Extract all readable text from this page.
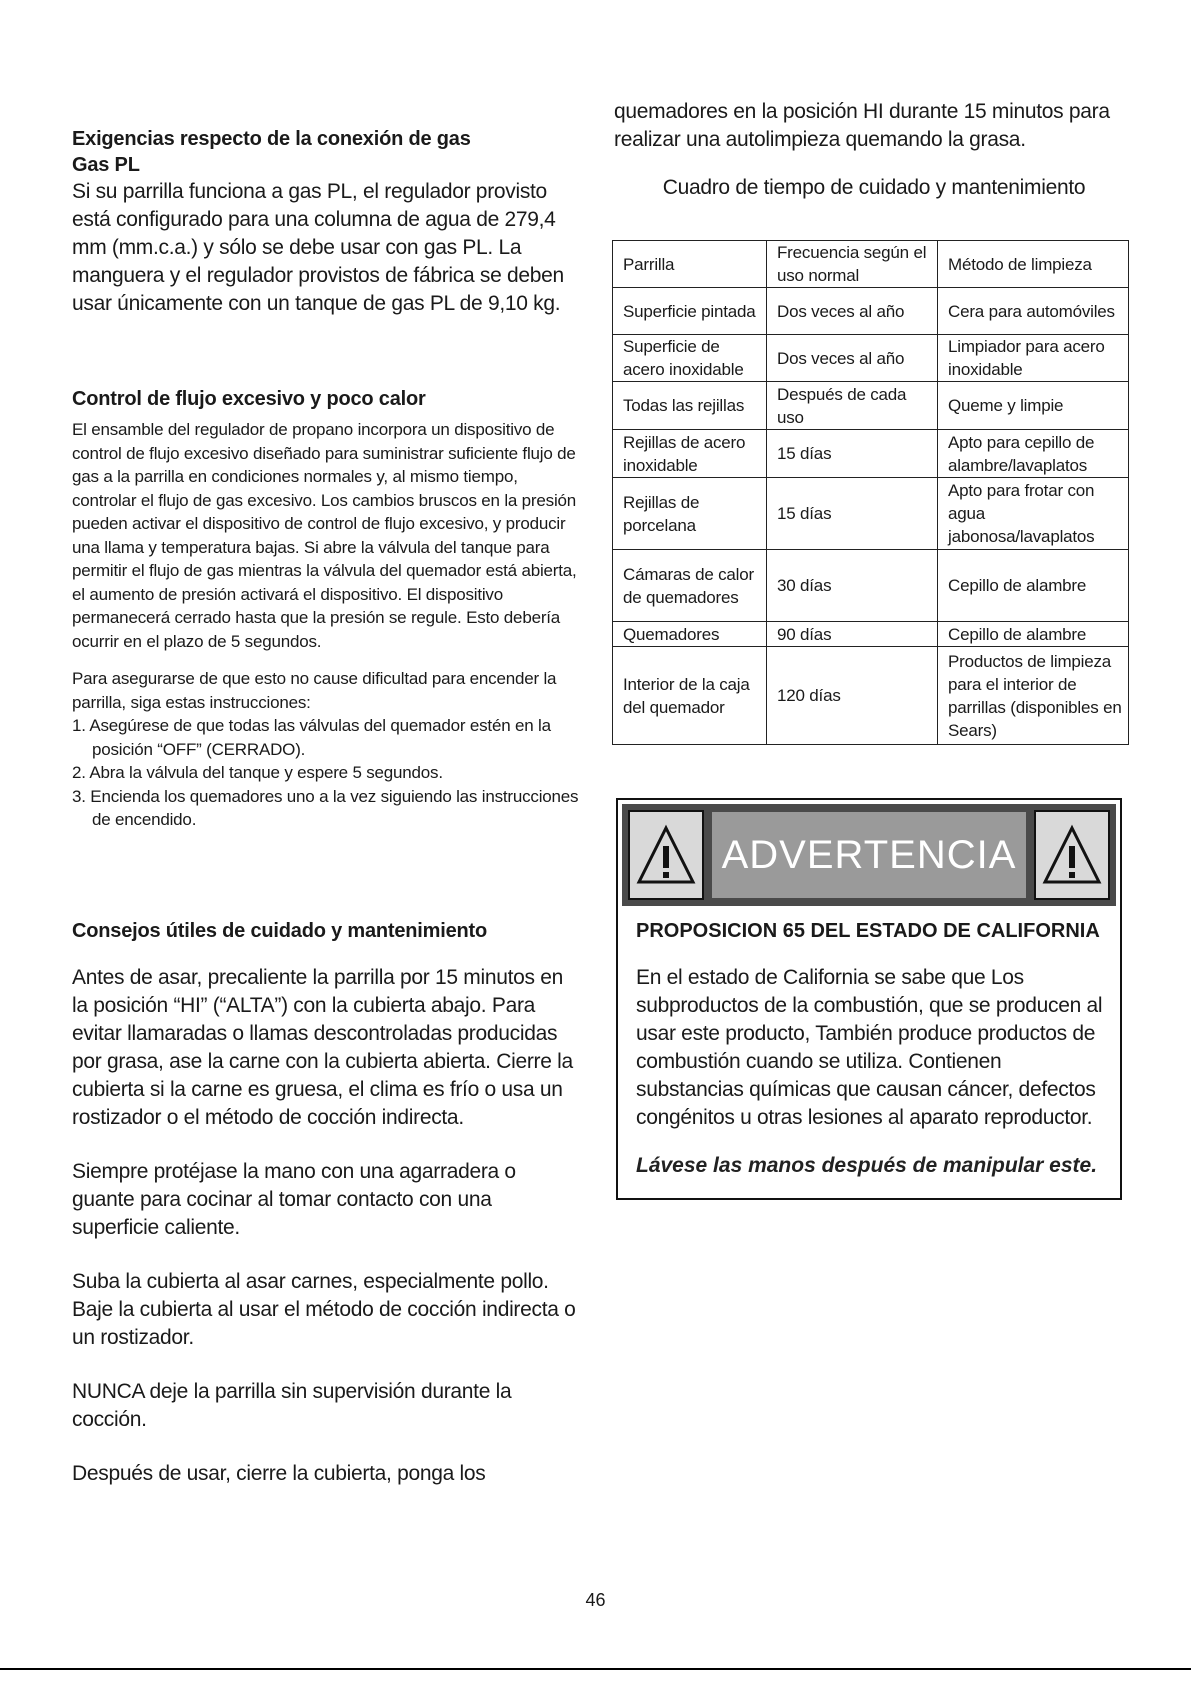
Exigencias respecto de la conexión de gas

Gas PL

Si su parrilla funciona a gas PL, el regulador provisto está configurado para una columna de agua de 279,4 mm (mm.c.a.) y sólo se debe usar con gas PL. La manguera y el regulador provistos de fábrica se deben usar únicamente con un tanque de gas PL de 9,10 kg.

Control de flujo excesivo y poco calor

El ensamble del regulador de propano incorpora un dispositivo de control de flujo excesivo diseñado para suministrar suficiente flujo de gas a la parrilla en condiciones normales y, al mismo tiempo, controlar el flujo de gas excesivo. Los cambios bruscos en la presión pueden activar el dispositivo de control de flujo excesivo, y producir una llama y temperatura bajas. Si abre la válvula del tanque para permitir el flujo de gas mientras la válvula del quemador está abierta, el aumento de presión activará el dispositivo. El dispositivo permanecerá cerrado hasta que la presión se regule. Esto debería ocurrir en el plazo de 5 segundos.

Para asegurarse de que esto no cause dificultad para encender la parrilla, siga estas instrucciones:

1. Asegúrese de que todas las válvulas del quemador estén en la posición “OFF” (CERRADO).
2. Abra la válvula del tanque y espere 5 segundos.
3. Encienda los quemadores uno a la vez siguiendo las instrucciones de encendido.

Consejos útiles de cuidado y mantenimiento

Antes de asar, precaliente la parrilla por 15 minutos en la posición “HI” (“ALTA”) con la cubierta abajo. Para evitar llamaradas o llamas descontroladas producidas por grasa, ase la carne con la cubierta abierta. Cierre la cubierta si la carne es gruesa, el clima es frío o usa un rostizador o el método de cocción indirecta.

Siempre protéjase la mano con una agarradera o guante para cocinar al tomar contacto con una superficie caliente.

Suba la cubierta al asar carnes, especialmente pollo. Baje la cubierta al usar el método de cocción indirecta o un rostizador.

NUNCA deje la parrilla sin supervisión durante la cocción.

Después de usar, cierre la cubierta, ponga los

quemadores en la posición HI durante 15 minutos para realizar una autolimpieza quemando la grasa.

Cuadro de tiempo de cuidado y mantenimiento

Parrilla	Frecuencia según el uso normal	Método de limpieza
Superficie pintada	Dos veces al año	Cera para automóviles
Superficie de acero inoxidable	Dos veces al año	Limpiador para acero inoxidable
Todas las rejillas	Después de cada uso	Queme y limpie
Rejillas de acero inoxidable	15 días	Apto para cepillo de alambre/lavaplatos
Rejillas de porcelana	15 días	Apto para frotar con agua jabonosa/lavaplatos
Cámaras de calor de quemadores	30 días	Cepillo de alambre
Quemadores	90 días	Cepillo de alambre
Interior de la caja del quemador	120 días	Productos de limpieza para el interior de parrillas (disponibles en Sears)
ADVERTENCIA

PROPOSICION 65 DEL ESTADO DE CALIFORNIA

En el estado de California se sabe que Los subproductos de la combustión, que se producen al usar este producto, También produce productos de combustión cuando se utiliza. Contienen substancias químicas que causan cáncer, defectos congénitos u otras lesiones al aparato reproductor.

Lávese las manos después de manipular este.

46
